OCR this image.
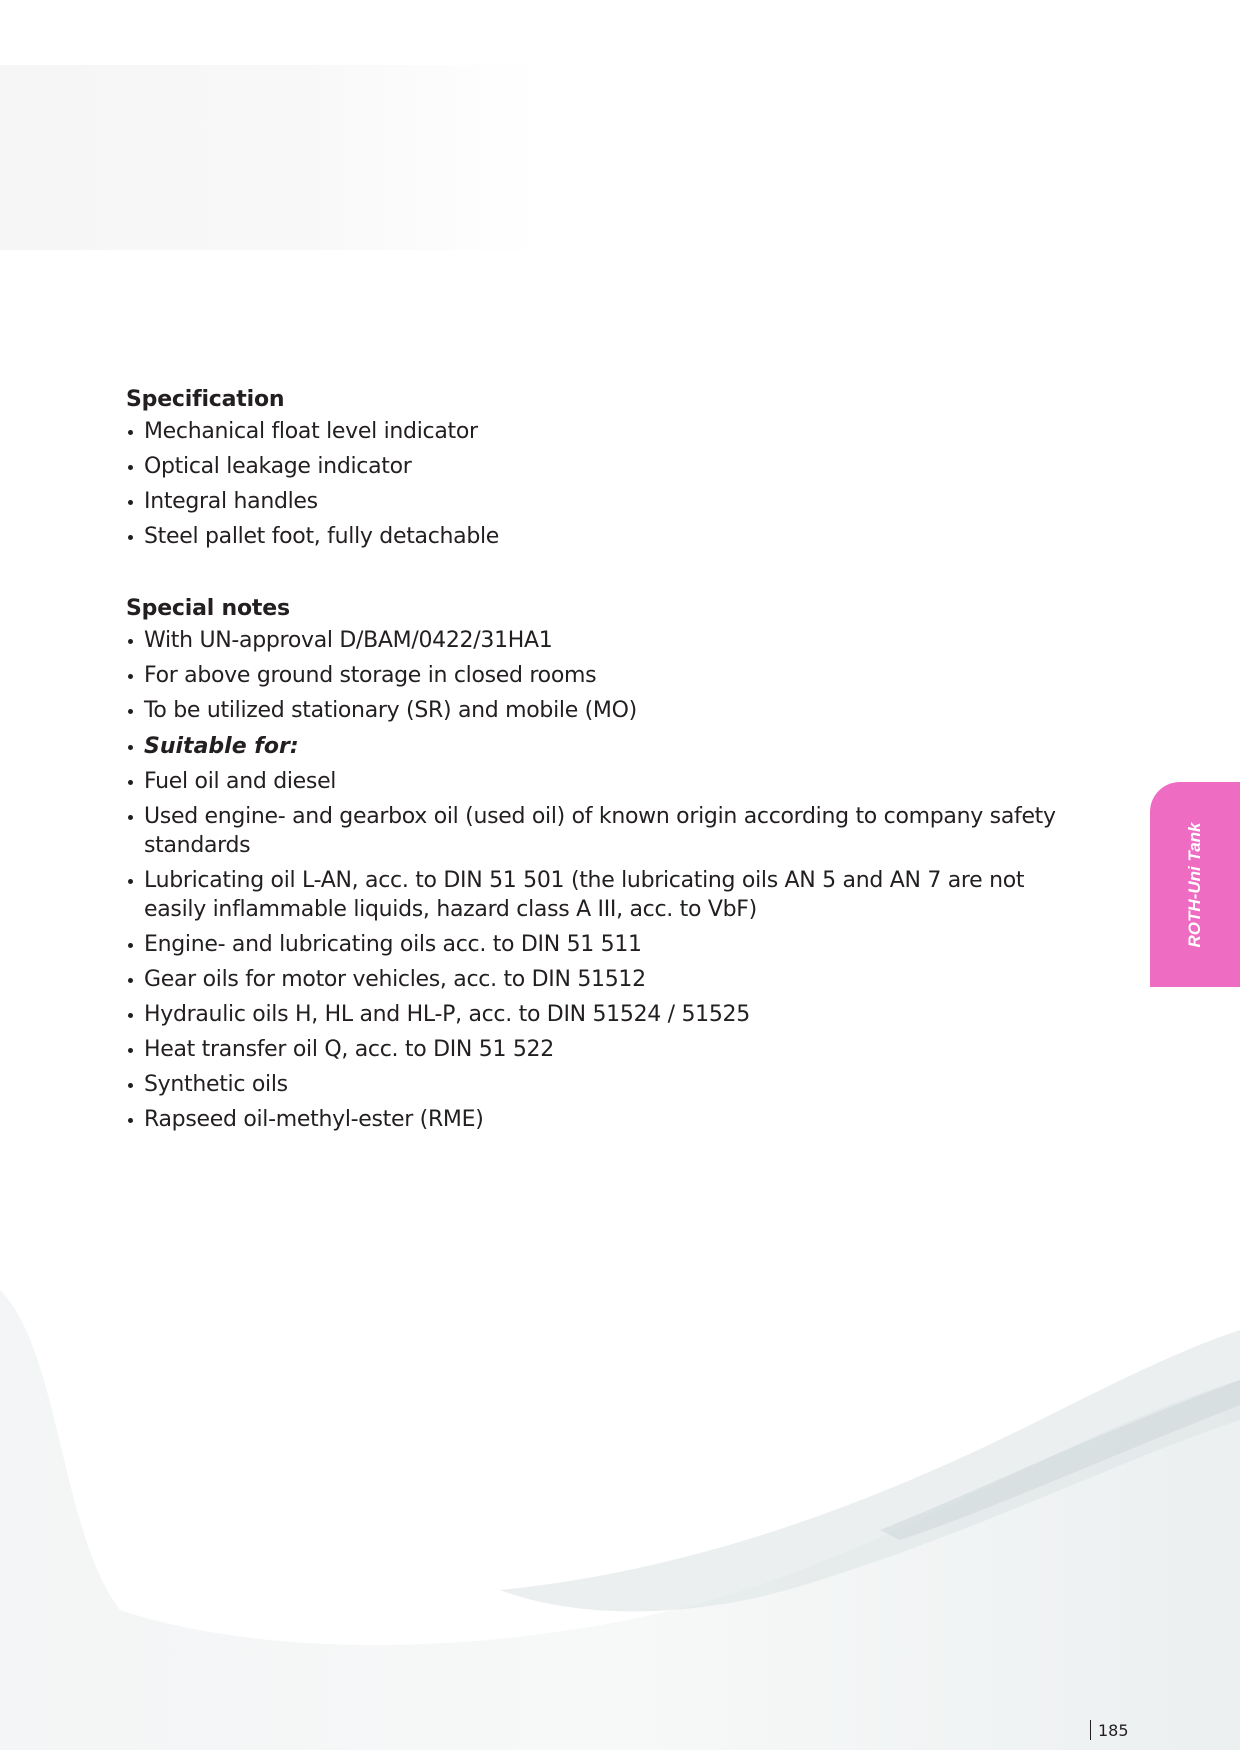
Specification
Mechanical float level indicator
Optical leakage indicator
Integral handles
Steel pallet foot, fully detachable
Special notes
With UN-approval D/BAM/0422/31HA1
For above ground storage in closed rooms
To be utilized stationary (SR) and mobile (MO)
Suitable for:
Fuel oil and diesel
Used engine- and gearbox oil (used oil) of known origin according to company safety standards
Lubricating oil L-AN, acc. to DIN 51 501 (the lubricating oils AN 5 and AN 7 are not easily inflammable liquids, hazard class A III, acc. to VbF)
Engine- and lubricating oils acc. to DIN 51 511
Gear oils for motor vehicles, acc. to DIN 51512
Hydraulic oils H, HL and HL-P, acc. to DIN 51524 / 51525
Heat transfer oil Q, acc. to DIN 51 522
Synthetic oils
Rapseed oil-methyl-ester (RME)
ROTH-Uni Tank
185
